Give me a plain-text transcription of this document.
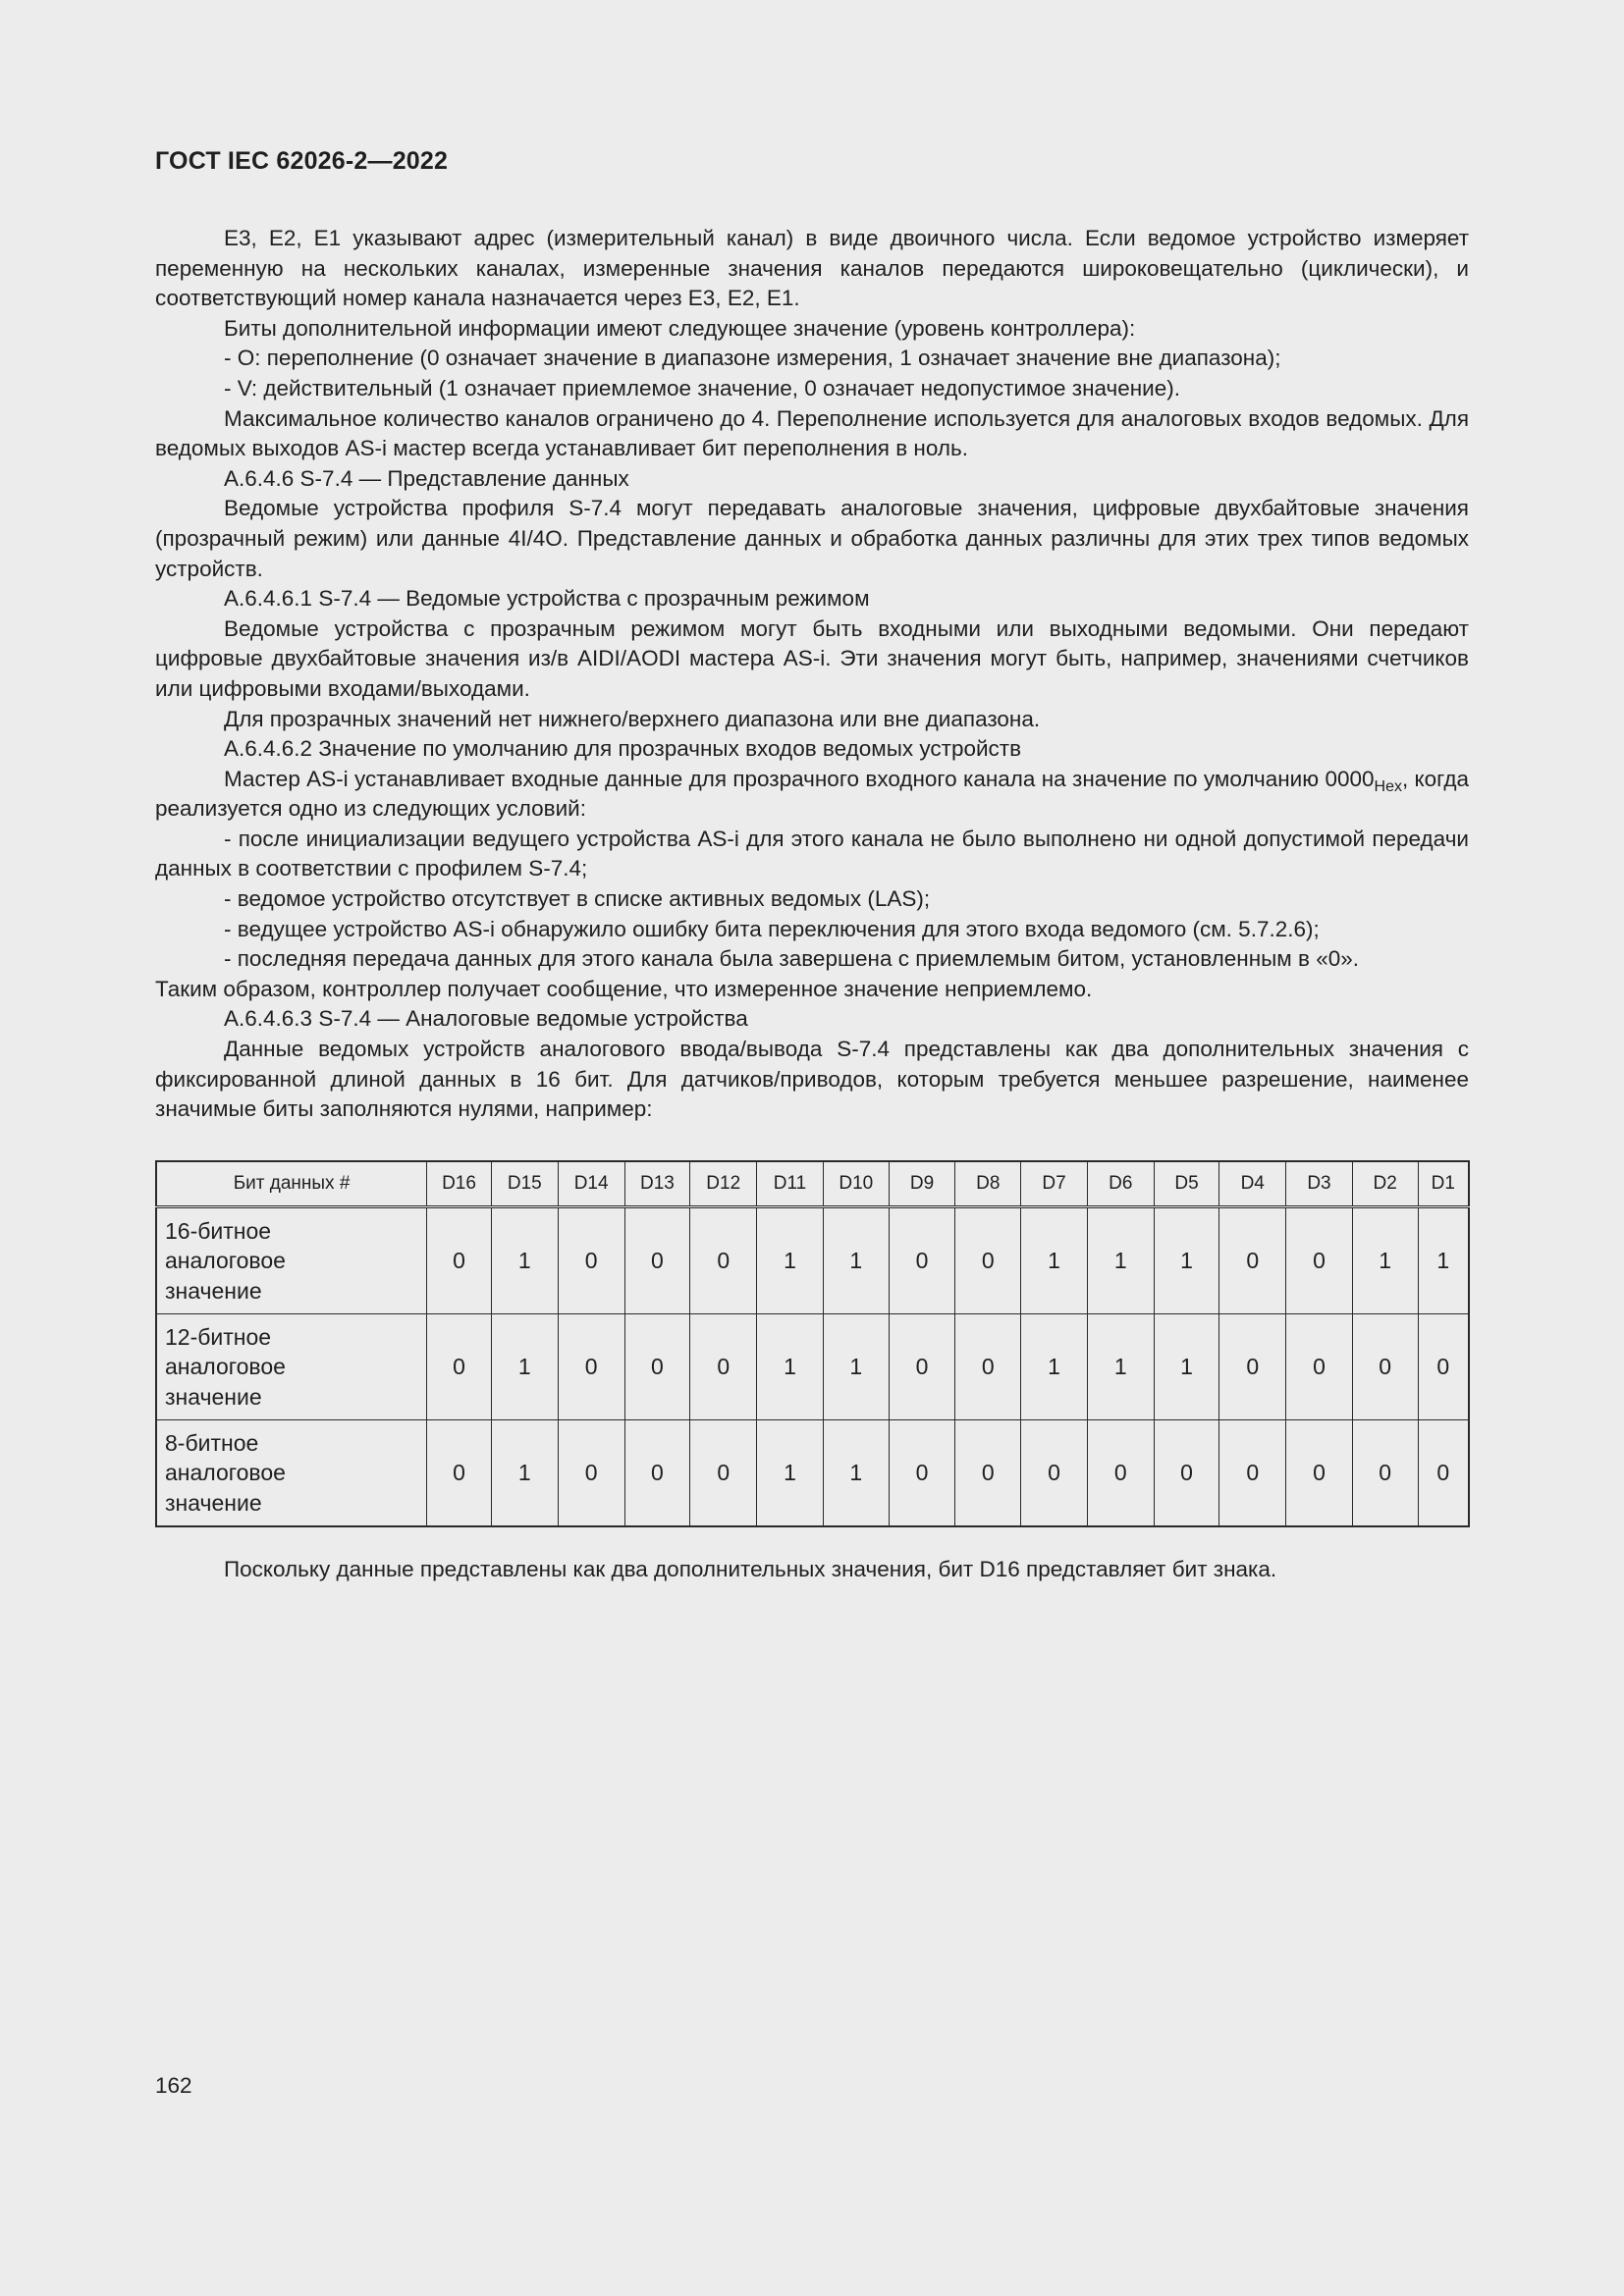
ГОСТ IEC 62026-2—2022

E3, E2, E1 указывают адрес (измерительный канал) в виде двоичного числа. Если ведомое устройство измеряет переменную на нескольких каналах, измеренные значения каналов передаются широковещательно (циклически), и соответствующий номер канала назначается через E3, E2, E1.

Биты дополнительной информации имеют следующее значение (уровень контроллера):

- O: переполнение (0 означает значение в диапазоне измерения, 1 означает значение вне диапазона);

- V: действительный (1 означает приемлемое значение, 0 означает недопустимое значение).

Максимальное количество каналов ограничено до 4. Переполнение используется для аналоговых входов ведомых. Для ведомых выходов AS-i мастер всегда устанавливает бит переполнения в ноль.

А.6.4.6 S-7.4 — Представление данных

Ведомые устройства профиля S-7.4 могут передавать аналоговые значения, цифровые двухбайтовые значения (прозрачный режим) или данные 4I/4O. Представление данных и обработка данных различны для этих трех типов ведомых устройств.

А.6.4.6.1 S-7.4 — Ведомые устройства с прозрачным режимом

Ведомые устройства с прозрачным режимом могут быть входными или выходными ведомыми. Они передают цифровые двухбайтовые значения из/в AIDI/AODI мастера AS-i. Эти значения могут быть, например, значениями счетчиков или цифровыми входами/выходами.

Для прозрачных значений нет нижнего/верхнего диапазона или вне диапазона.

А.6.4.6.2 Значение по умолчанию для прозрачных входов ведомых устройств

Мастер AS-i устанавливает входные данные для прозрачного входного канала на значение по умолчанию $0000_{Hex}$, когда реализуется одно из следующих условий:

- после инициализации ведущего устройства AS-i для этого канала не было выполнено ни одной допустимой передачи данных в соответствии с профилем S-7.4;

- ведомое устройство отсутствует в списке активных ведомых (LAS);

- ведущее устройство AS-i обнаружило ошибку бита переключения для этого входа ведомого (см. 5.7.2.6);

- последняя передача данных для этого канала была завершена с приемлемым битом, установленным в «0».

Таким образом, контроллер получает сообщение, что измеренное значение неприемлемо.

А.6.4.6.3 S-7.4 — Аналоговые ведомые устройства

Данные ведомых устройств аналогового ввода/вывода S-7.4 представлены как два дополнительных значения с фиксированной длиной данных в 16 бит. Для датчиков/приводов, которым требуется меньшее разрешение, наименее значимые биты заполняются нулями, например:

Бит данных #	D16	D15	D14	D13	D12	D11	D10	D9	D8	D7	D6	D5	D4	D3	D2	D1
16-битное аналоговое значение	0	1	0	0	0	1	1	0	0	1	1	1	0	0	1	1
12-битное аналоговое значение	0	1	0	0	0	1	1	0	0	1	1	1	0	0	0	0
8-битное аналоговое значение	0	1	0	0	0	1	1	0	0	0	0	0	0	0	0	0
Поскольку данные представлены как два дополнительных значения, бит D16 представляет бит знака.
162
